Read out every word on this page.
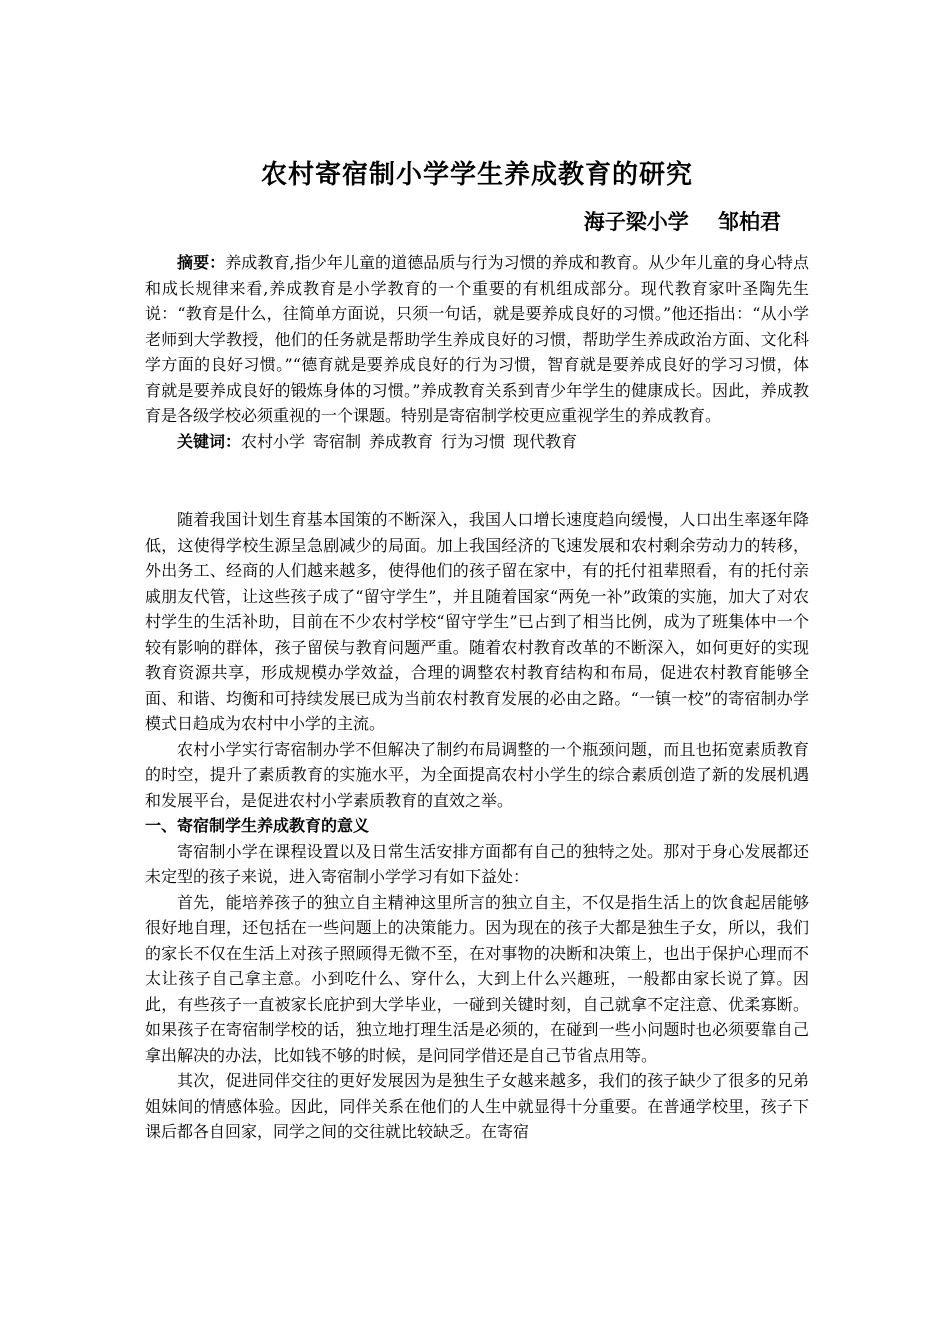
农村寄宿制小学学生养成教育的研究
海子梁小学    邹柏君

摘要：养成教育,指少年儿童的道德品质与行为习惯的养成和教育。从少年儿童的身心特点和成长规律来看,养成教育是小学教育的一个重要的有机组成部分。现代教育家叶圣陶先生说：“教育是什么，往简单方面说，只须一句话，就是要养成良好的习惯。”他还指出：“从小学老师到大学教授，他们的任务就是帮助学生养成良好的习惯，帮助学生养成政治方面、文化科学方面的良好习惯。”“德育就是要养成良好的行为习惯，智育就是要养成良好的学习习惯，体育就是要养成良好的锻炼身体的习惯。”养成教育关系到青少年学生的健康成长。因此，养成教育是各级学校必须重视的一个课题。特别是寄宿制学校更应重视学生的养成教育。

关键词：农村小学 寄宿制 养成教育 行为习惯 现代教育

随着我国计划生育基本国策的不断深入，我国人口增长速度趋向缓慢，人口出生率逐年降低，这使得学校生源呈急剧减少的局面。加上我国经济的飞速发展和农村剩余劳动力的转移，外出务工、经商的人们越来越多，使得他们的孩子留在家中，有的托付祖辈照看，有的托付亲戚朋友代管，让这些孩子成了“留守学生”，并且随着国家“两免一补”政策的实施，加大了对农村学生的生活补助，目前在不少农村学校“留守学生”已占到了相当比例，成为了班集体中一个较有影响的群体，孩子留侯与教育问题严重。随着农村教育改革的不断深入，如何更好的实现教育资源共享，形成规模办学效益，合理的调整农村教育结构和布局，促进农村教育能够全面、和谐、均衡和可持续发展已成为当前农村教育发展的必由之路。“一镇一校”的寄宿制办学模式日趋成为农村中小学的主流。

农村小学实行寄宿制办学不但解决了制约布局调整的一个瓶颈问题，而且也拓宽素质教育的时空，提升了素质教育的实施水平，为全面提高农村小学生的综合素质创造了新的发展机遇和发展平台，是促进农村小学素质教育的直效之举。

一、寄宿制学生养成教育的意义

寄宿制小学在课程设置以及日常生活安排方面都有自己的独特之处。那对于身心发展都还未定型的孩子来说，进入寄宿制小学学习有如下益处：

首先，能培养孩子的独立自主精神这里所言的独立自主，不仅是指生活上的饮食起居能够很好地自理，还包括在一些问题上的决策能力。因为现在的孩子大都是独生子女，所以，我们的家长不仅在生活上对孩子照顾得无微不至，在对事物的决断和决策上，也出于保护心理而不太让孩子自己拿主意。小到吃什么、穿什么，大到上什么兴趣班，一般都由家长说了算。因此，有些孩子一直被家长庇护到大学毕业，一碰到关键时刻，自己就拿不定注意、优柔寡断。如果孩子在寄宿制学校的话，独立地打理生活是必须的，在碰到一些小问题时也必须要靠自己拿出解决的办法，比如钱不够的时候，是问同学借还是自己节省点用等。

其次，促进同伴交往的更好发展因为是独生子女越来越多，我们的孩子缺少了很多的兄弟姐妹间的情感体验。因此，同伴关系在他们的人生中就显得十分重要。在普通学校里，孩子下课后都各自回家，同学之间的交往就比较缺乏。在寄宿
